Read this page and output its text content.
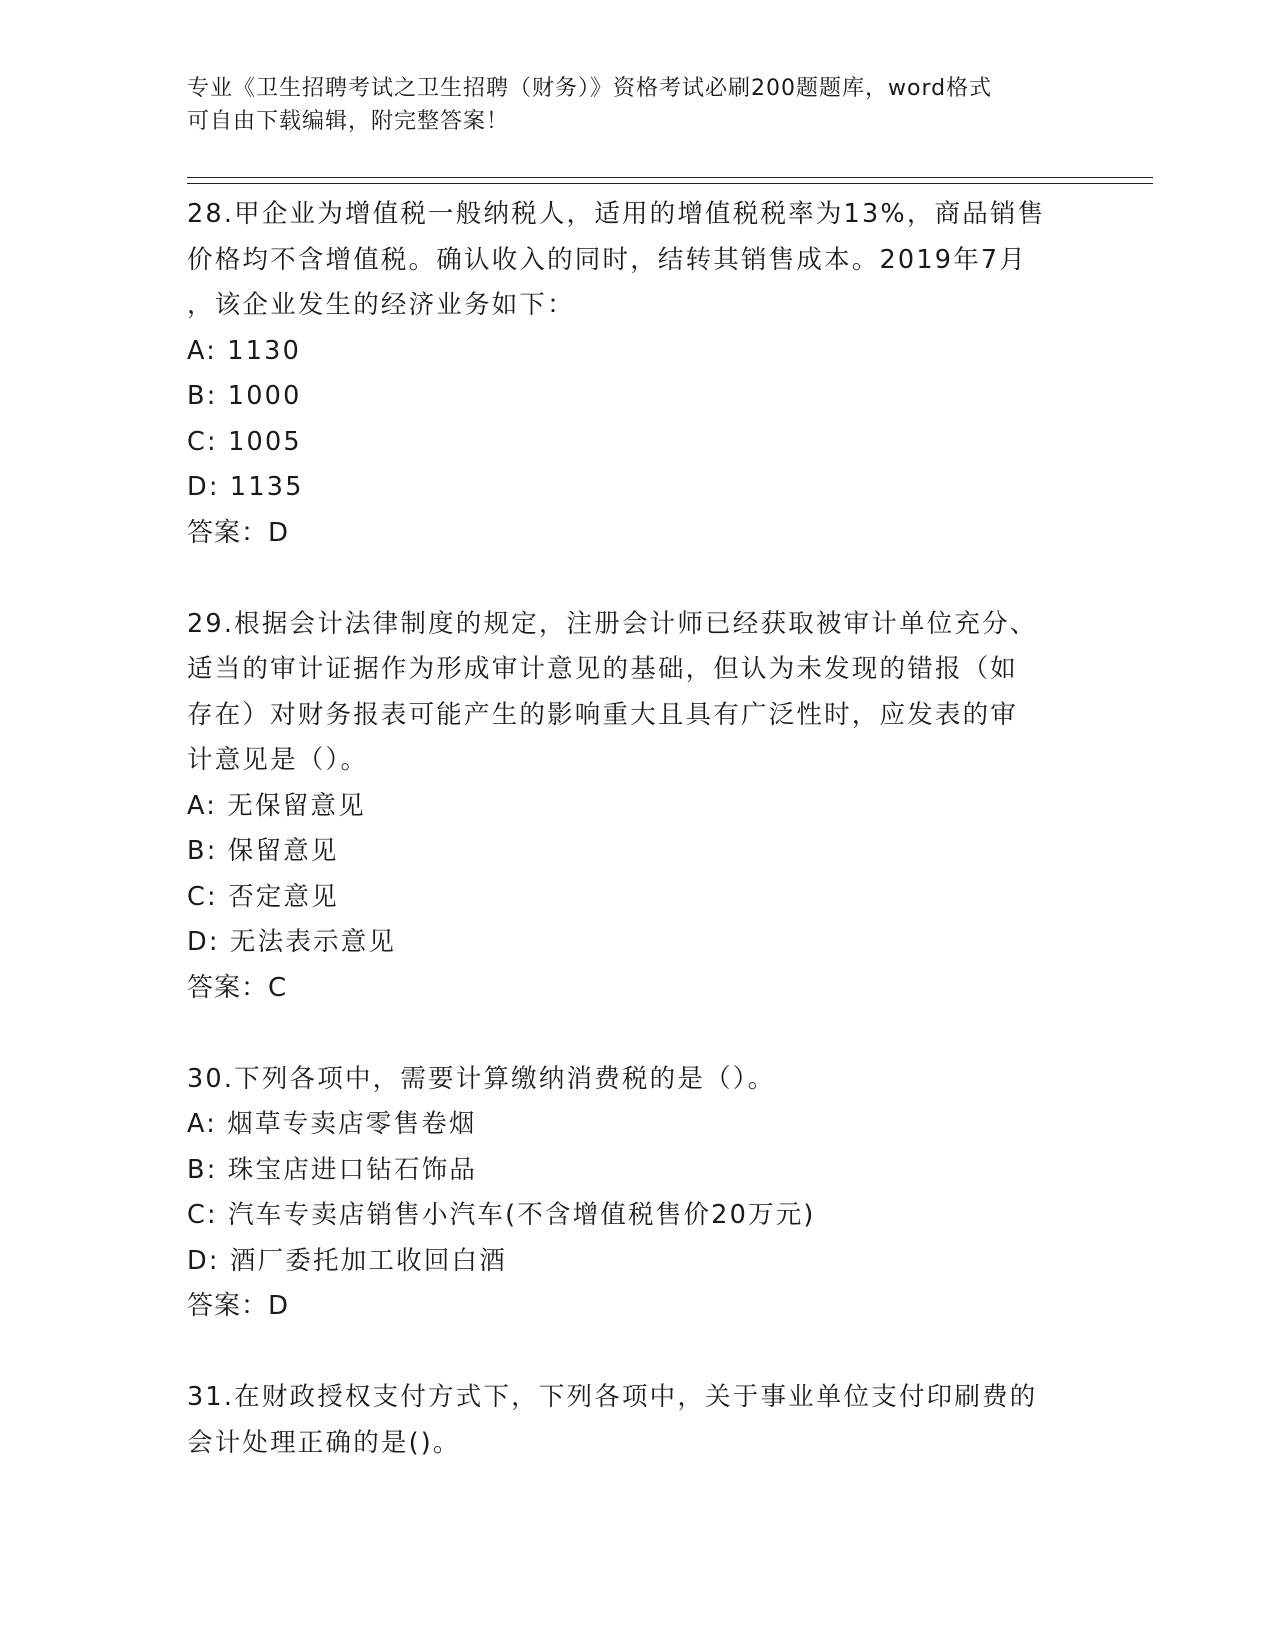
专业《卫生招聘考试之卫生招聘（财务）》资格考试必刷200题题库，word格式
可自由下载编辑，附完整答案！
28.甲企业为增值税一般纳税人，适用的增值税税率为13%，商品销售
价格均不含增值税。确认收入的同时，结转其销售成本。2019年7月
，该企业发生的经济业务如下：
A: 1130
B: 1000
C: 1005
D: 1135
答案：D
29.根据会计法律制度的规定，注册会计师已经获取被审计单位充分、
适当的审计证据作为形成审计意见的基础，但认为未发现的错报（如
存在）对财务报表可能产生的影响重大且具有广泛性时，应发表的审
计意见是（）。
A: 无保留意见
B: 保留意见
C: 否定意见
D: 无法表示意见
答案：C
30.下列各项中，需要计算缴纳消费税的是（）。
A: 烟草专卖店零售卷烟
B: 珠宝店进口钻石饰品
C: 汽车专卖店销售小汽车(不含增值税售价20万元)
D: 酒厂委托加工收回白酒
答案：D
31.在财政授权支付方式下，下列各项中，关于事业单位支付印刷费的
会计处理正确的是()。
